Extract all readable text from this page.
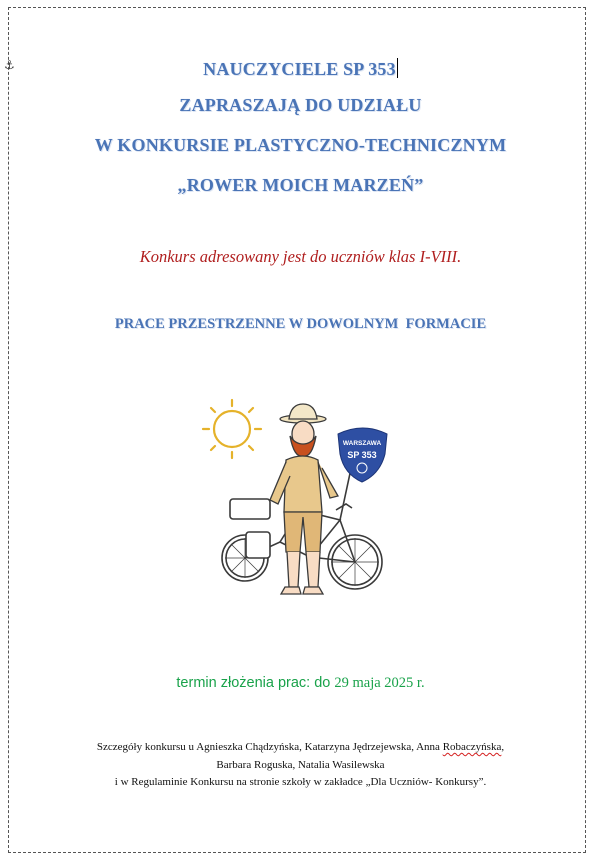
⚓︎	NAUCZYCIELE SP 353
ZAPRASZAJĄ DO UDZIAŁU
W KONKURSIE PLASTYCZNO-TECHNICZNYM
„ROWER MOICH MARZEŃ”
Konkurs adresowany jest do uczniów klas I-VIII.
PRACE PRZESTRZENNE W DOWOLNYM  FORMACIE
WARSZAWA
SP 353
termin złożenia prac: do 29 maja 2025 r.
Szczegóły konkursu u Agnieszka Chądzyńska, Katarzyna Jędrzejewska, Anna Robaczyńska,
Barbara Roguska, Natalia Wasilewska
i w Regulaminie Konkursu na stronie szkoły w zakładce „Dla Uczniów- Konkursy”.
